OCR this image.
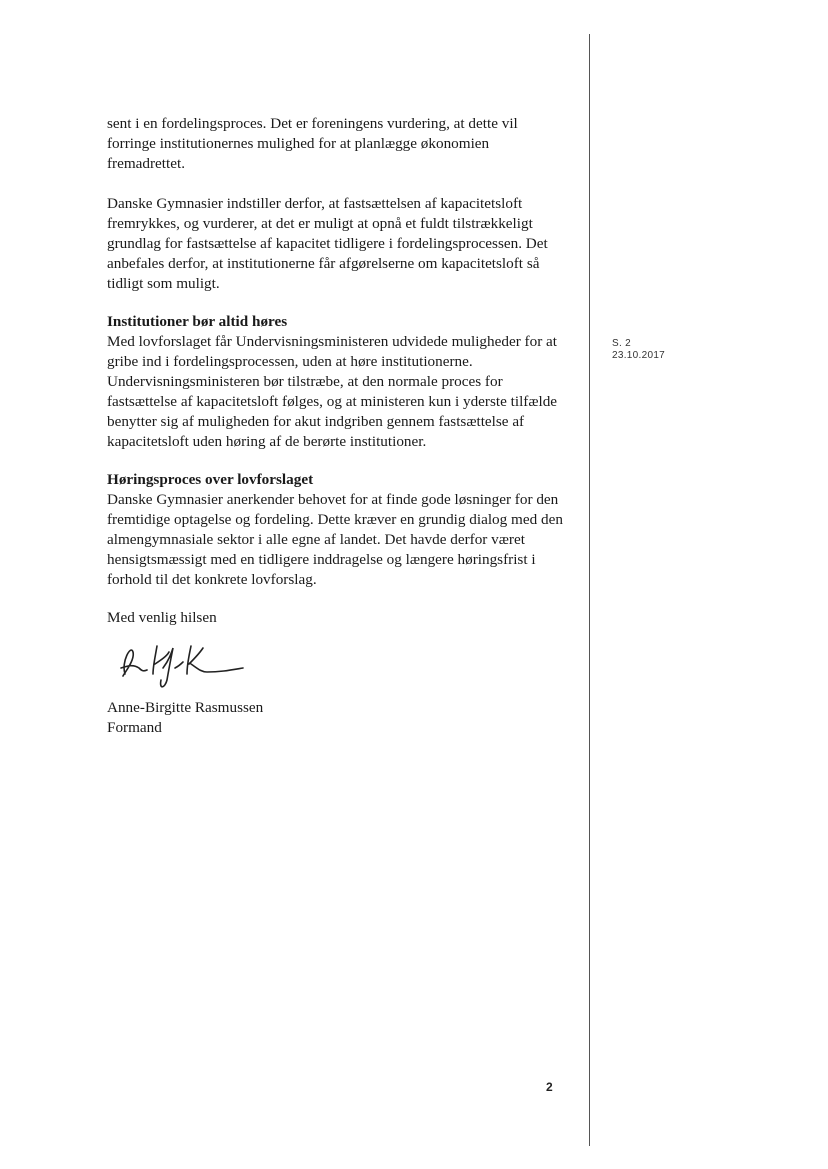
sent i en fordelingsproces. Det er foreningens vurdering, at dette vil forringe institutionernes mulighed for at planlægge økonomien fremadrettet.

Danske Gymnasier indstiller derfor, at fastsættelsen af kapacitetsloft fremrykkes, og vurderer, at det er muligt at opnå et fuldt tilstrækkeligt grundlag for fastsættelse af kapacitet tidligere i fordelingsprocessen. Det anbefales derfor, at institutionerne får afgørelserne om kapacitetsloft så tidligt som muligt.

Institutioner bør altid høres

Med lovforslaget får Undervisningsministeren udvidede muligheder for at gribe ind i fordelingsprocessen, uden at høre institutionerne. Undervisningsministeren bør tilstræbe, at den normale proces for fastsættelse af kapacitetsloft følges, og at ministeren kun i yderste tilfælde benytter sig af muligheden for akut indgriben gennem fastsættelse af kapacitetsloft uden høring af de berørte institutioner.

Høringsproces over lovforslaget

Danske Gymnasier anerkender behovet for at finde gode løsninger for den fremtidige optagelse og fordeling. Dette kræver en grundig dialog med den almengymnasiale sektor i alle egne af landet. Det havde derfor været hensigtsmæssigt med en tidligere inddragelse og længere høringsfrist i forhold til det konkrete lovforslag.

Med venlig hilsen

Anne-Birgitte Rasmussen

Formand

S. 2
23.10.2017
2
